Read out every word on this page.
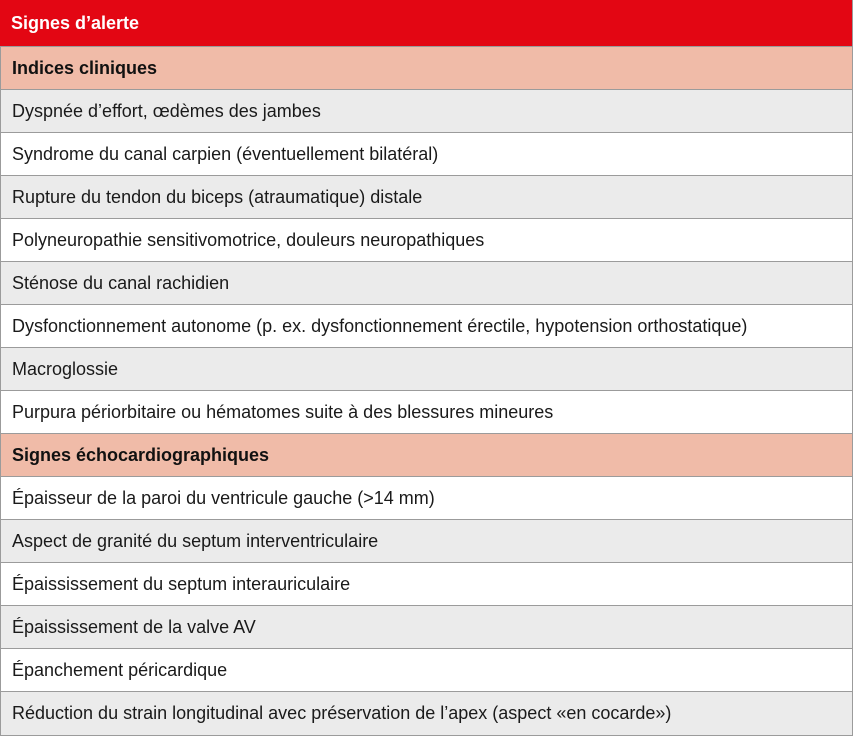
Signes d’alerte
Indices cliniques
Dyspnée d’effort, œdèmes des jambes
Syndrome du canal carpien (éventuellement bilatéral)
Rupture du tendon du biceps (atraumatique) distale
Polyneuropathie sensitivomotrice, douleurs neuropathiques
Sténose du canal rachidien
Dysfonctionnement autonome (p. ex. dysfonctionnement érectile, hypotension orthostatique)
Macroglossie
Purpura périorbitaire ou hématomes suite à des blessures mineures
Signes échocardiographiques
Épaisseur de la paroi du ventricule gauche (>14 mm)
Aspect de granité du septum interventriculaire
Épaississement du septum interauriculaire
Épaississement de la valve AV
Épanchement péricardique
Réduction du strain longitudinal avec préservation de l’apex (aspect «en cocarde»)
